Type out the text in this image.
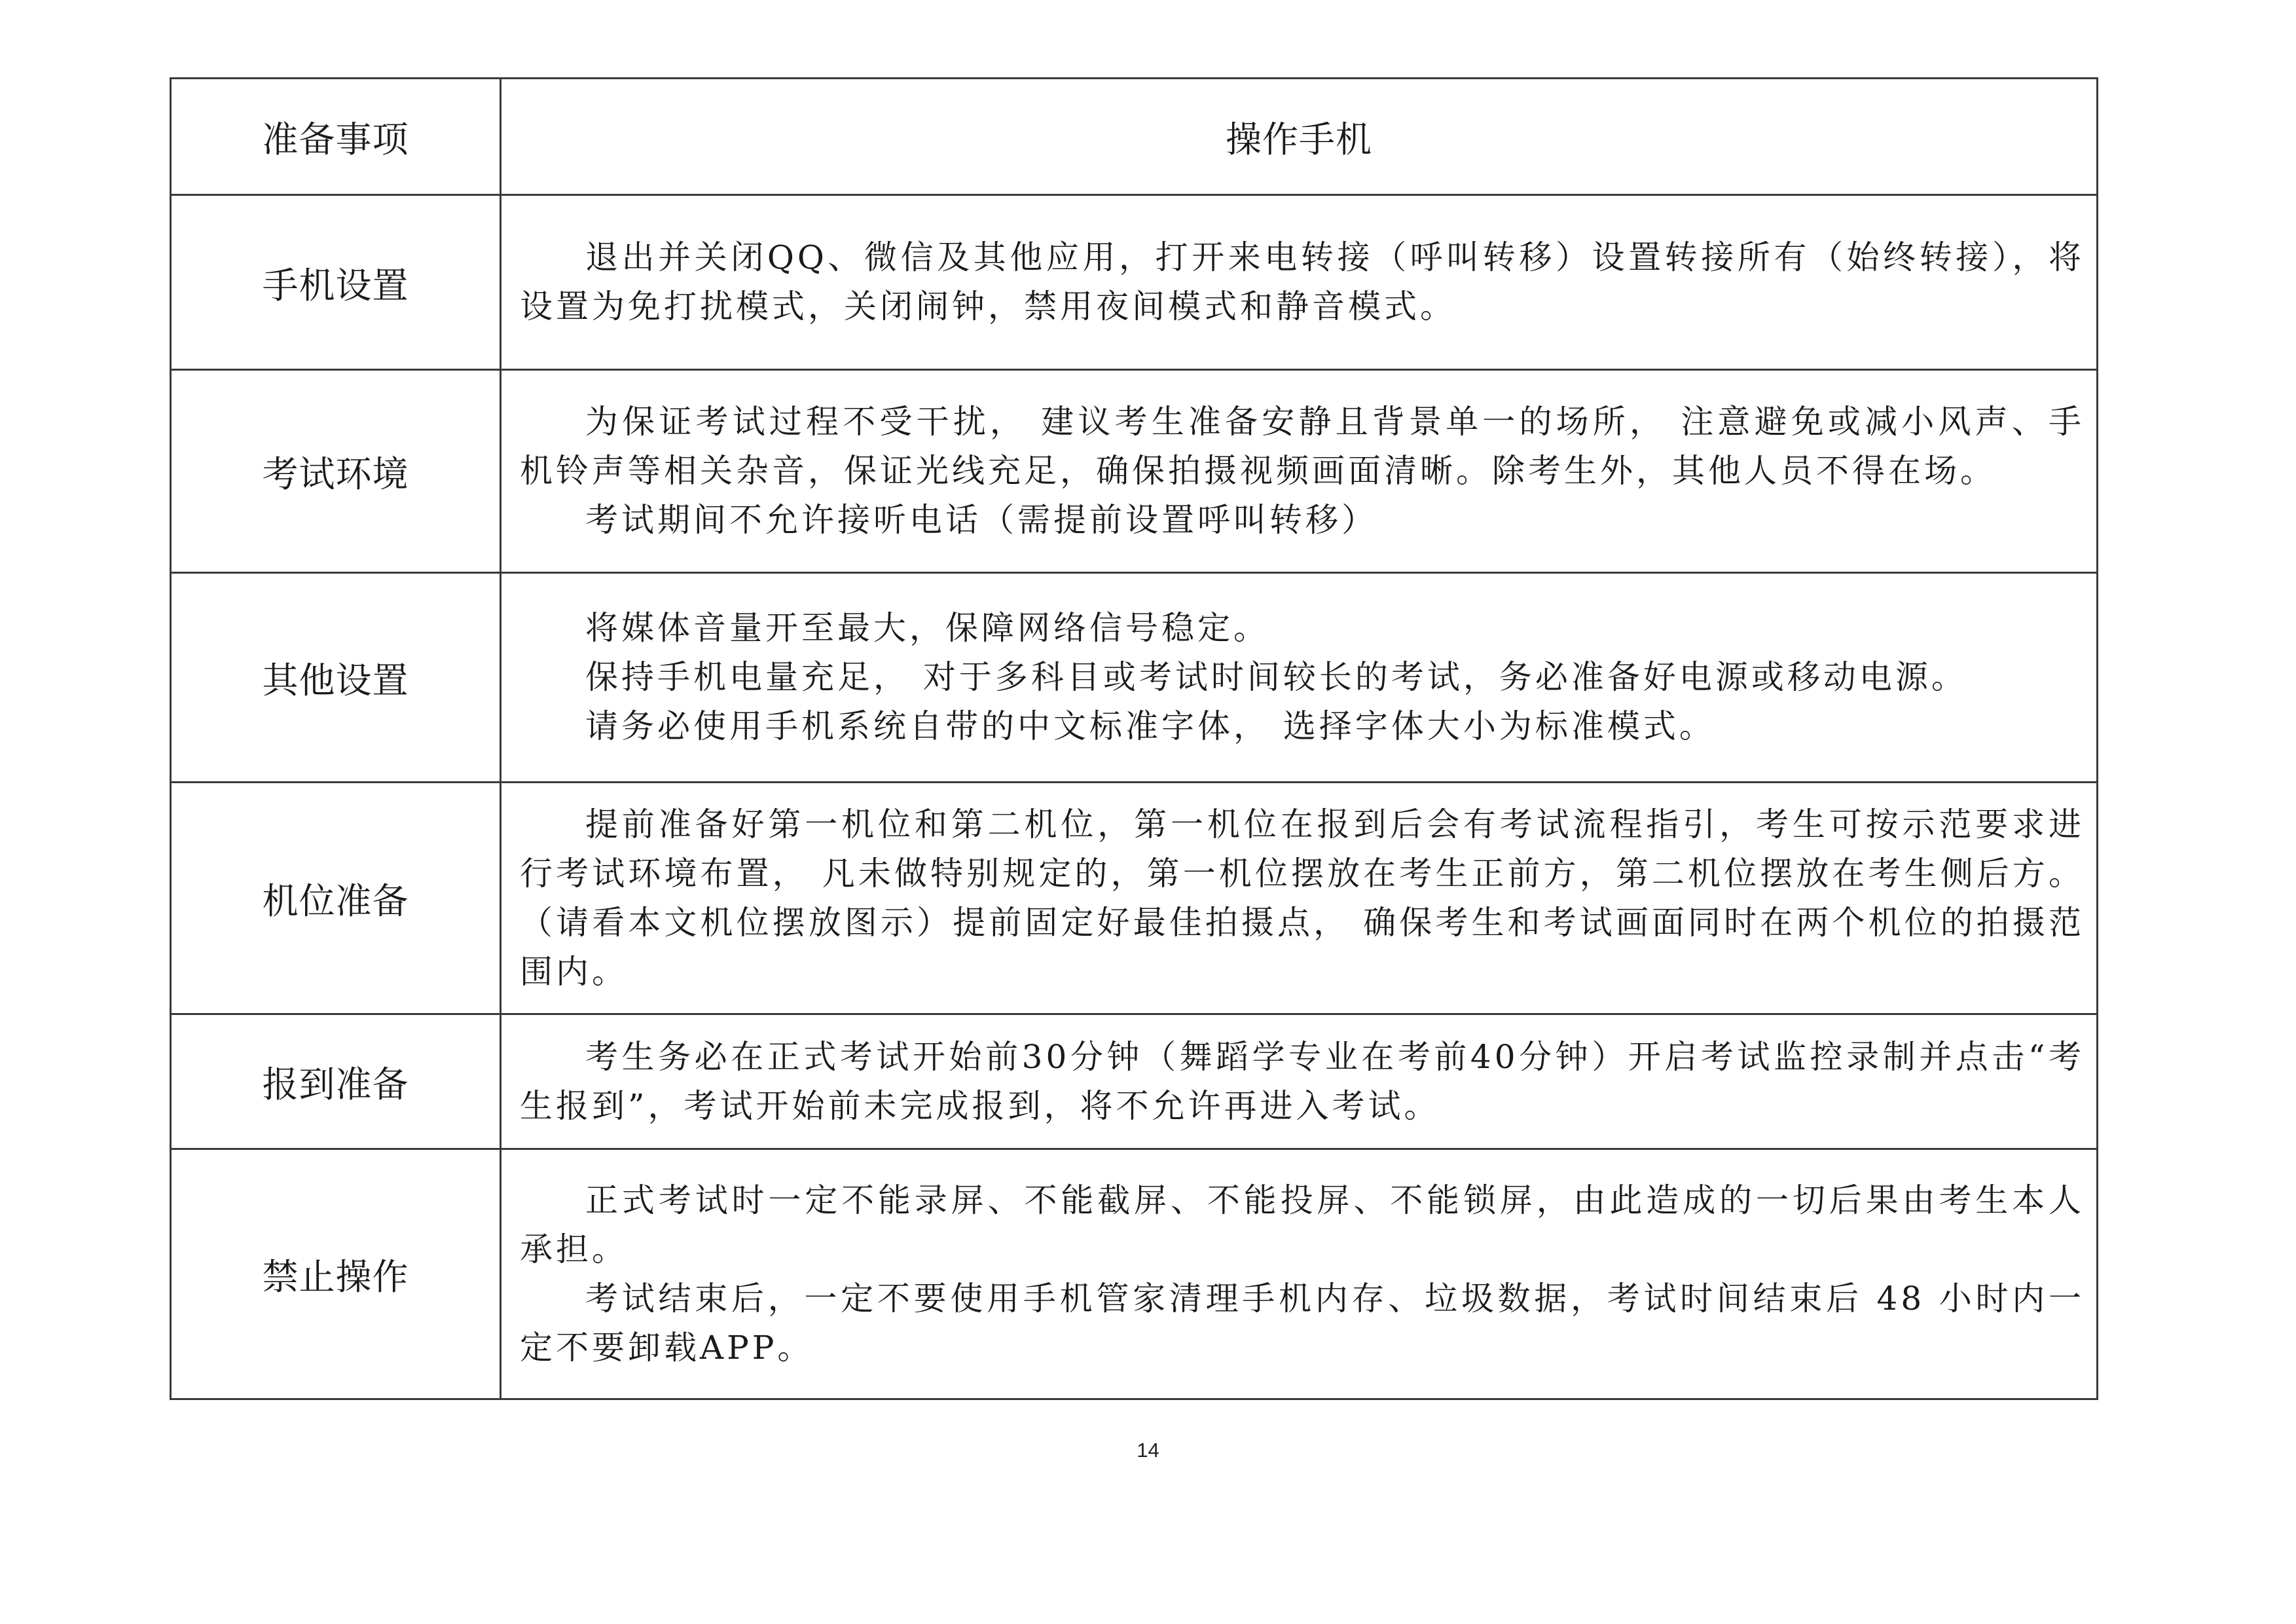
准备事项	操作手机
手机设置	退出并关闭QQ、微信及其他应用，打开来电转接（呼叫转移）设置转接所有（始终转接），将设置为免打扰模式，关闭闹钟，禁用夜间模式和静音模式。

考试环境	为保证考试过程不受干扰， 建议考生准备安静且背景单一的场所， 注意避免或减小风声、手机铃声等相关杂音，保证光线充足，确保拍摄视频画面清晰。除考生外，其他人员不得在场。

考试期间不允许接听电话（需提前设置呼叫转移）

其他设置	将媒体音量开至最大，保障网络信号稳定。

保持手机电量充足， 对于多科目或考试时间较长的考试，务必准备好电源或移动电源。

请务必使用手机系统自带的中文标准字体， 选择字体大小为标准模式。

机位准备	提前准备好第一机位和第二机位，第一机位在报到后会有考试流程指引，考生可按示范要求进行考试环境布置， 凡未做特别规定的，第一机位摆放在考生正前方，第二机位摆放在考生侧后方。（请看本文机位摆放图示）提前固定好最佳拍摄点， 确保考生和考试画面同时在两个机位的拍摄范围内。

报到准备	考生务必在正式考试开始前30分钟（舞蹈学专业在考前40分钟）开启考试监控录制并点击“考生报到”，考试开始前未完成报到，将不允许再进入考试。

禁止操作	正式考试时一定不能录屏、不能截屏、不能投屏、不能锁屏，由此造成的一切后果由考生本人承担。

考试结束后，一定不要使用手机管家清理手机内存、垃圾数据，考试时间结束后 48 小时内一定不要卸载APP。

14
